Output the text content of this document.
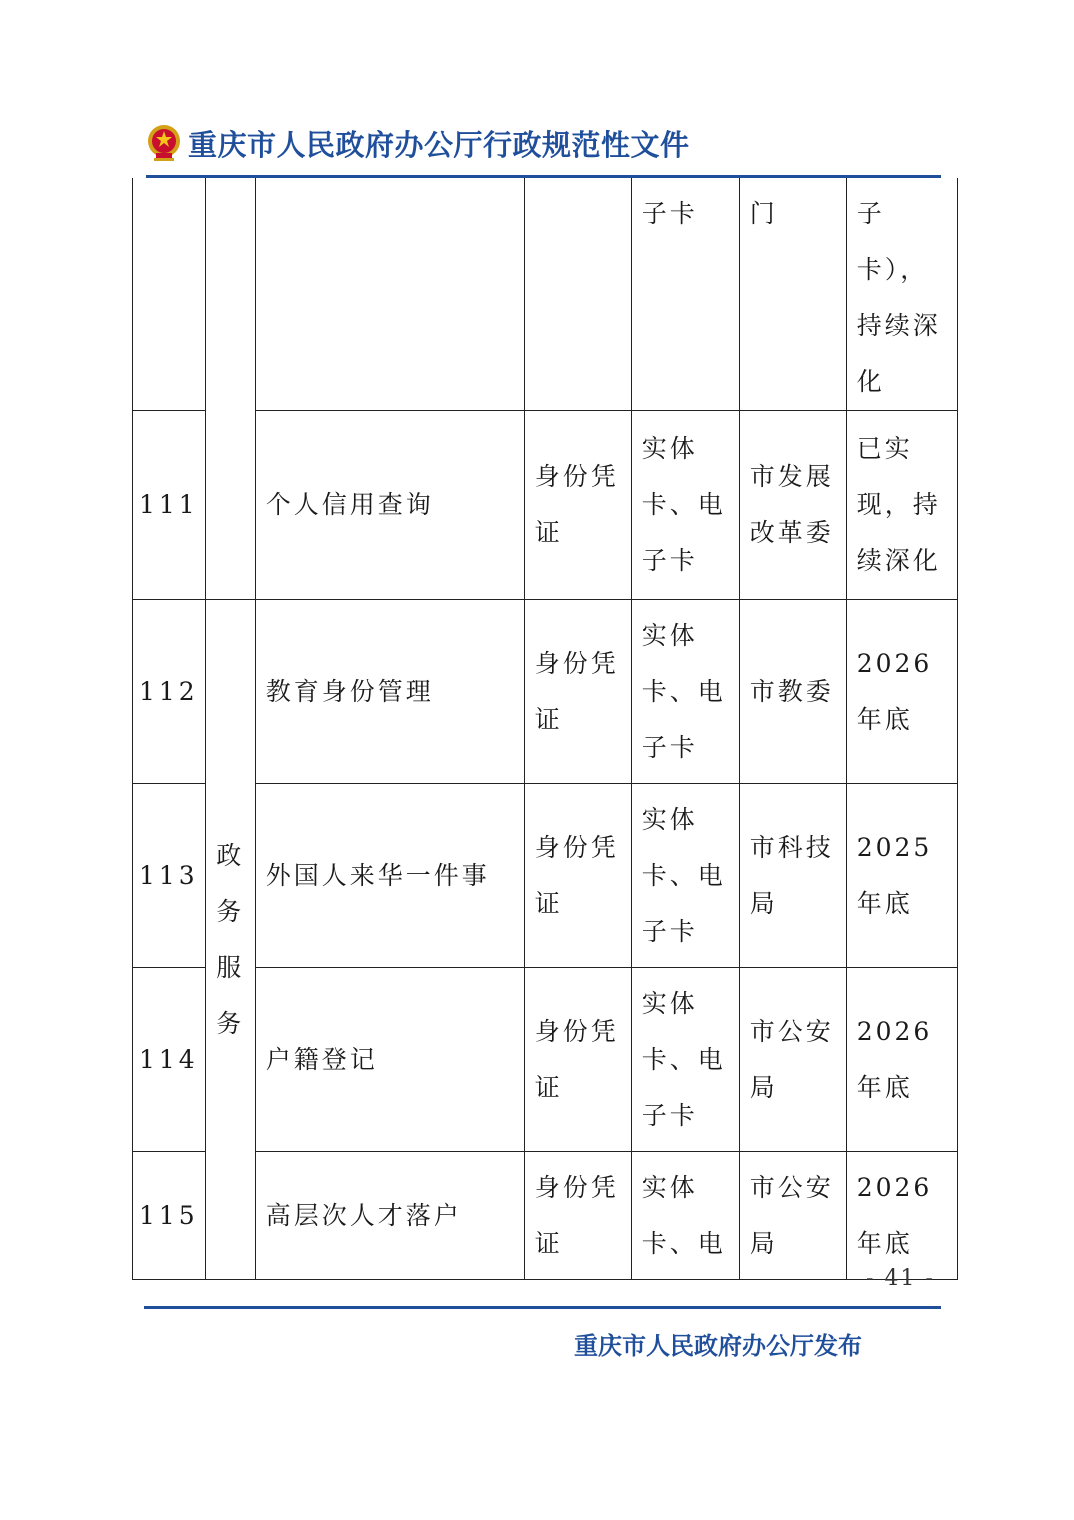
重庆市人民政府办公厅行政规范性文件
				子卡	门	子卡），持续深化
111		个人信用查询	身份凭证	实体卡、电子卡	市发展改革委	已实现，持续深化
112	政务服务	教育身份管理	身份凭证	实体卡、电子卡	市教委	2026 年底
113		外国人来华一件事	身份凭证	实体卡、电子卡	市科技局	2025 年底
114		户籍登记	身份凭证	实体卡、电子卡	市公安局	2026 年底
115		高层次人才落户	身份凭证	实体卡、电	市公安局	2026 年底
- 41 -
重庆市人民政府办公厅发布
